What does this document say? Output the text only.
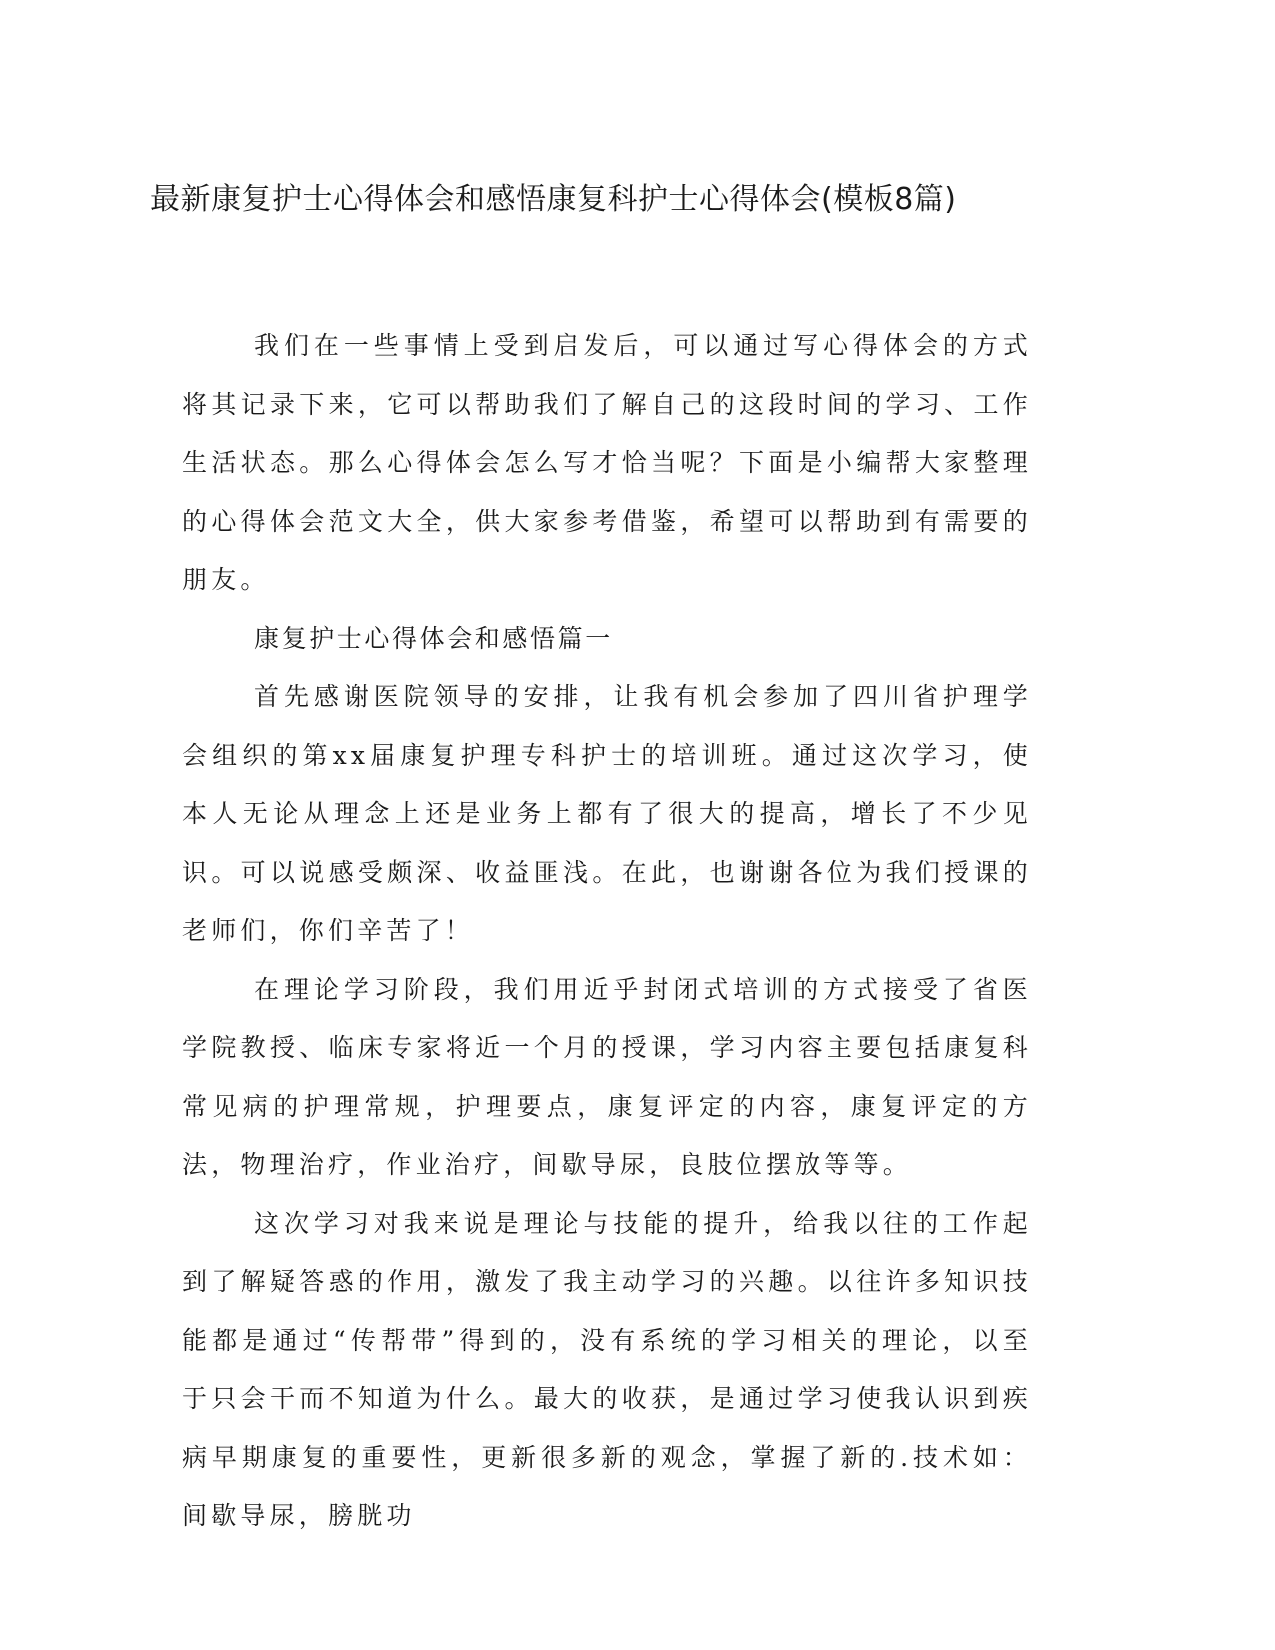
最新康复护士心得体会和感悟康复科护士心得体会(模板8篇)

我们在一些事情上受到启发后，可以通过写心得体会的方式将其记录下来，它可以帮助我们了解自己的这段时间的学习、工作生活状态。那么心得体会怎么写才恰当呢？下面是小编帮大家整理的心得体会范文大全，供大家参考借鉴，希望可以帮助到有需要的朋友。

康复护士心得体会和感悟篇一

首先感谢医院领导的安排，让我有机会参加了四川省护理学会组织的第xx届康复护理专科护士的培训班。通过这次学习，使本人无论从理念上还是业务上都有了很大的提高，增长了不少见识。可以说感受颇深、收益匪浅。在此，也谢谢各位为我们授课的老师们，你们辛苦了！

在理论学习阶段，我们用近乎封闭式培训的方式接受了省医学院教授、临床专家将近一个月的授课，学习内容主要包括康复科常见病的护理常规，护理要点，康复评定的内容，康复评定的方法，物理治疗，作业治疗，间歇导尿，良肢位摆放等等。

这次学习对我来说是理论与技能的提升，给我以往的工作起到了解疑答惑的作用，激发了我主动学习的兴趣。以往许多知识技能都是通过“传帮带”得到的，没有系统的学习相关的理论，以至于只会干而不知道为什么。最大的收获，是通过学习使我认识到疾病早期康复的重要性，更新很多新的观念，掌握了新的.技术如：间歇导尿，膀胱功
